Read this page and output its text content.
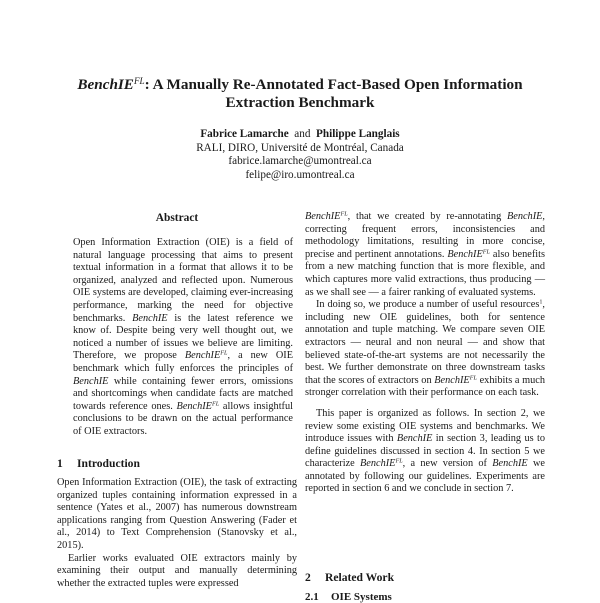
BenchIE$^{FL}$: A Manually Re-Annotated Fact-Based Open Information
Extraction Benchmark
Fabrice Lamarche and Philippe Langlais
RALI, DIRO, Université de Montréal, Canada
fabrice.lamarche@umontreal.ca
felipe@iro.umontreal.ca
Abstract

Open Information Extraction (OIE) is a field of natural language processing that aims to present textual information in a format that allows it to be organized, analyzed and reflected upon. Numerous OIE systems are developed, claiming ever-increasing performance, marking the need for objective benchmarks. BenchIE is the latest reference we know of. Despite being very well thought out, we noticed a number of issues we believe are limiting. Therefore, we propose BenchIE$^{FL}$, a new OIE benchmark which fully enforces the principles of BenchIE while containing fewer errors, omissions and shortcomings when candidate facts are matched towards reference ones. BenchIE$^{FL}$ allows insightful conclusions to be drawn on the actual performance of OIE extractors.

1 Introduction

Open Information Extraction (OIE), the task of extracting organized tuples containing information expressed in a sentence (Yates et al., 2007) has numerous downstream applications ranging from Question Answering (Fader et al., 2014) to Text Comprehension (Stanovsky et al., 2015).

Earlier works evaluated OIE extractors mainly by examining their output and manually determining whether the extracted tuples were expressed

BenchIE$^{FL}$, that we created by re-annotating BenchIE, correcting frequent errors, inconsistencies and methodology limitations, resulting in more concise, precise and pertinent annotations. BenchIE$^{FL}$ also benefits from a new matching function that is more flexible, and which captures more valid extractions, thus producing — as we shall see — a fairer ranking of evaluated systems.

In doing so, we produce a number of useful resources$^1$, including new OIE guidelines, both for sentence annotation and tuple matching. We compare seven OIE extractors — neural and non neural — and show that believed state-of-the-art systems are not necessarily the best. We further demonstrate on three downstream tasks that the scores of extractors on BenchIE$^{FL}$ exhibits a much stronger correlation with their performance on each task.

This paper is organized as follows. In section 2, we review some existing OIE systems and benchmarks. We introduce issues with BenchIE in section 3, leading us to define guidelines discussed in section 4. In section 5 we characterize BenchIE$^{FL}$, a new version of BenchIE we annotated by following our guidelines. Experiments are reported in section 6 and we conclude in section 7.

2 Related Work
2.1 OIE Systems
